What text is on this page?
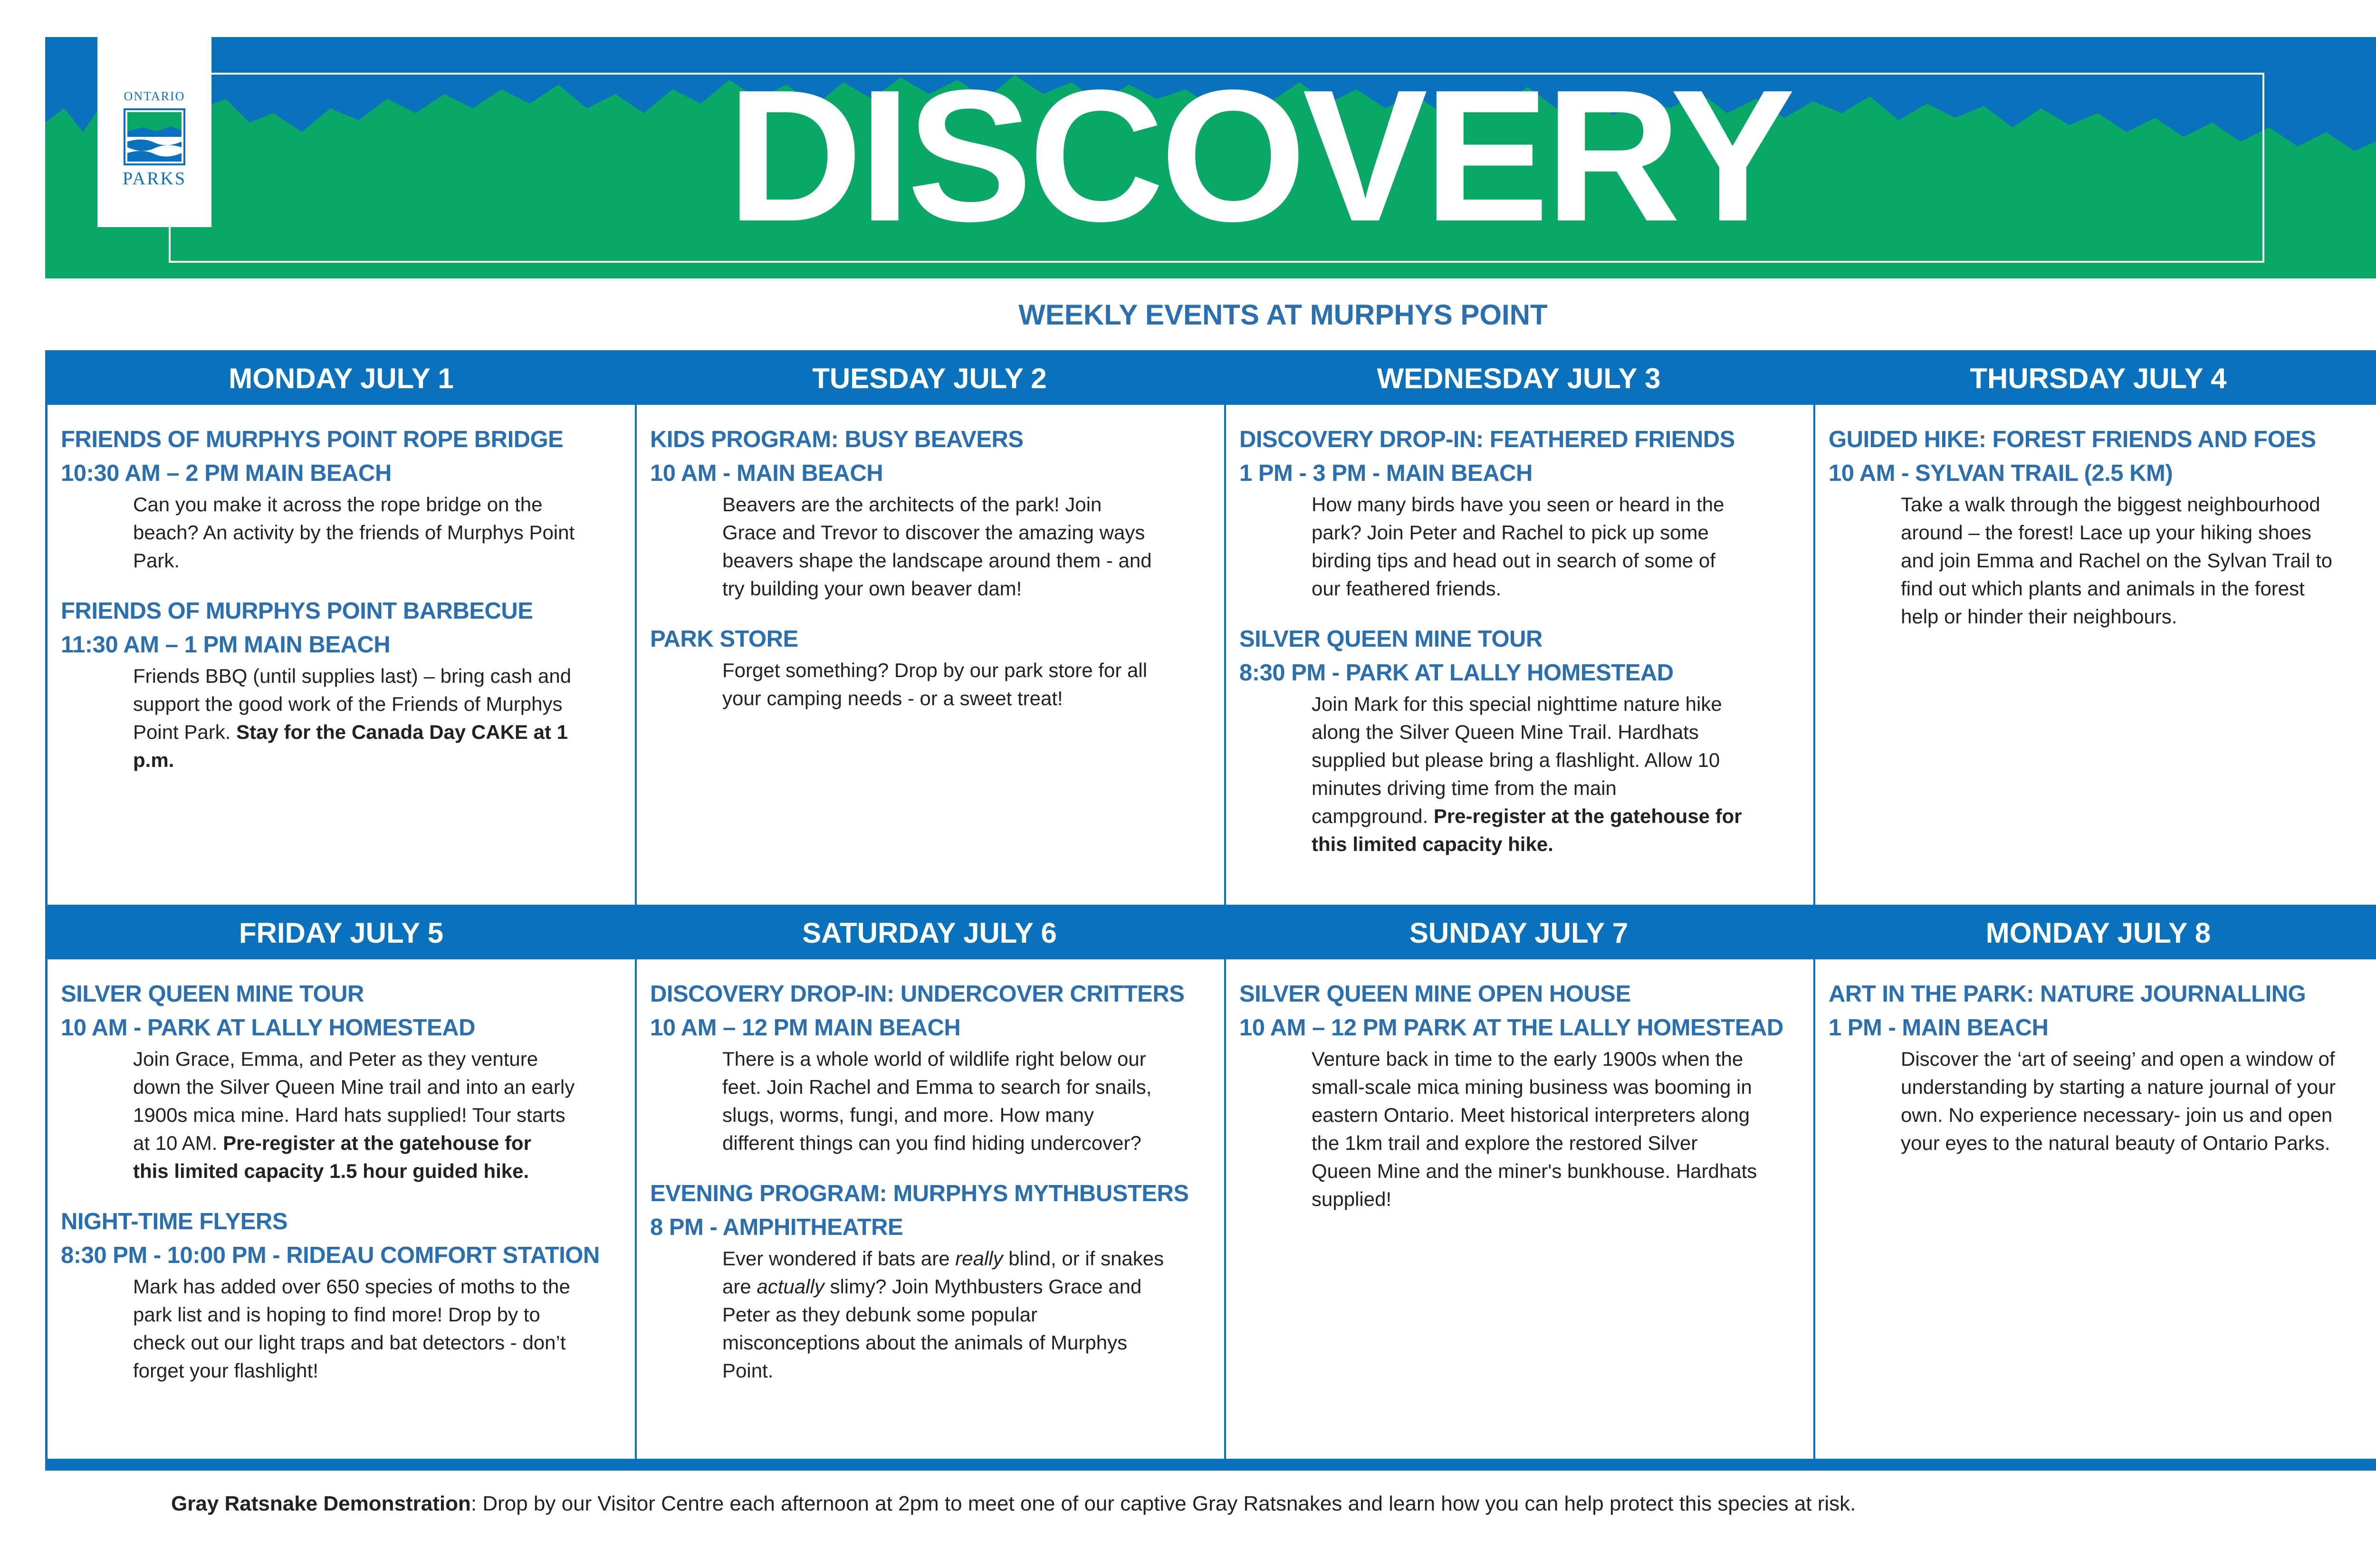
ONTARIO
PARKS	DISCOVERY
WEEKLY EVENTS AT MURPHYS POINT
MONDAY JULY 1
FRIENDS OF MURPHYS POINT ROPE BRIDGE
10:30 AM – 2 PM MAIN BEACH
Can you make it across the rope bridge on the
beach? An activity by the friends of Murphys Point
Park.
FRIENDS OF MURPHYS POINT BARBECUE
11:30 AM – 1 PM MAIN BEACH
Friends BBQ (until supplies last) – bring cash and
support the good work of the Friends of Murphys
Point Park. Stay for the Canada Day CAKE at 1
p.m.
TUESDAY JULY 2
KIDS PROGRAM: BUSY BEAVERS
10 AM - MAIN BEACH
Beavers are the architects of the park! Join
Grace and Trevor to discover the amazing ways
beavers shape the landscape around them - and
try building your own beaver dam!
PARK STORE
Forget something? Drop by our park store for all
your camping needs - or a sweet treat!
WEDNESDAY JULY 3
DISCOVERY DROP-IN: FEATHERED FRIENDS
1 PM - 3 PM - MAIN BEACH
How many birds have you seen or heard in the
park? Join Peter and Rachel to pick up some
birding tips and head out in search of some of
our feathered friends.
SILVER QUEEN MINE TOUR
8:30 PM - PARK AT LALLY HOMESTEAD
Join Mark for this special nighttime nature hike
along the Silver Queen Mine Trail. Hardhats
supplied but please bring a flashlight. Allow 10
minutes driving time from the main
campground. Pre-register at the gatehouse for
this limited capacity hike.
THURSDAY JULY 4
GUIDED HIKE: FOREST FRIENDS AND FOES
10 AM - SYLVAN TRAIL (2.5 KM)
Take a walk through the biggest neighbourhood
around – the forest! Lace up your hiking shoes
and join Emma and Rachel on the Sylvan Trail to
find out which plants and animals in the forest
help or hinder their neighbours.
FRIDAY JULY 5
SILVER QUEEN MINE TOUR
10 AM - PARK AT LALLY HOMESTEAD
Join Grace, Emma, and Peter as they venture
down the Silver Queen Mine trail and into an early
1900s mica mine. Hard hats supplied! Tour starts
at 10 AM. Pre-register at the gatehouse for
this limited capacity 1.5 hour guided hike.
NIGHT-TIME FLYERS
8:30 PM - 10:00 PM - RIDEAU COMFORT STATION
Mark has added over 650 species of moths to the
park list and is hoping to find more! Drop by to
check out our light traps and bat detectors - don’t
forget your flashlight!
SATURDAY JULY 6
DISCOVERY DROP-IN: UNDERCOVER CRITTERS
10 AM – 12 PM MAIN BEACH
There is a whole world of wildlife right below our
feet. Join Rachel and Emma to search for snails,
slugs, worms, fungi, and more. How many
different things can you find hiding undercover?
EVENING PROGRAM: MURPHYS MYTHBUSTERS
8 PM - AMPHITHEATRE
Ever wondered if bats are really blind, or if snakes
are actually slimy? Join Mythbusters Grace and
Peter as they debunk some popular
misconceptions about the animals of Murphys
Point.
SUNDAY JULY 7
SILVER QUEEN MINE OPEN HOUSE
10 AM – 12 PM PARK AT THE LALLY HOMESTEAD
Venture back in time to the early 1900s when the
small-scale mica mining business was booming in
eastern Ontario. Meet historical interpreters along
the 1km trail and explore the restored Silver
Queen Mine and the miner's bunkhouse. Hardhats
supplied!
MONDAY JULY 8
ART IN THE PARK: NATURE JOURNALLING
1 PM - MAIN BEACH
Discover the ‘art of seeing’ and open a window of
understanding by starting a nature journal of your
own. No experience necessary- join us and open
your eyes to the natural beauty of Ontario Parks.
Gray Ratsnake Demonstration: Drop by our Visitor Centre each afternoon at 2pm to meet one of our captive Gray Ratsnakes and learn how you can help protect this species at risk.
